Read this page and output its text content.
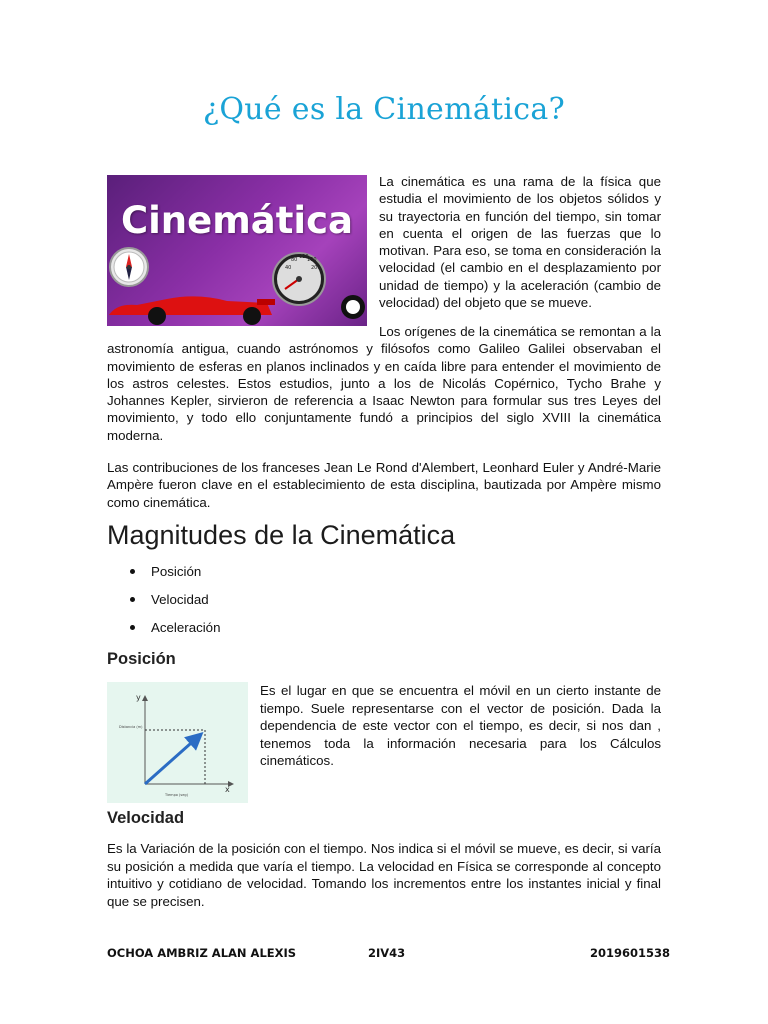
¿Qué es la Cinemática?
Cinemática
40
80 120
160
200
La cinemática es una rama de la física que estudia el movimiento de los objetos sólidos y su trayectoria en función del tiempo, sin tomar en cuenta el origen de las fuerzas que lo motivan. Para eso, se toma en consideración la velocidad (el cambio en el desplazamiento por unidad de tiempo) y la aceleración (cambio de velocidad) del objeto que se mueve.
Los orígenes de la cinemática se remontan a la astronomía antigua, cuando astrónomos y filósofos como Galileo Galilei observaban el movimiento de esferas en planos inclinados y en caída libre para entender el movimiento de los astros celestes. Estos estudios, junto a los de Nicolás Copérnico, Tycho Brahe y Johannes Kepler, sirvieron de referencia a Isaac Newton para formular sus tres Leyes del movimiento, y todo ello conjuntamente fundó a principios del siglo XVIII la cinemática moderna.
Las contribuciones de los franceses Jean Le Rond d'Alembert, Leonhard Euler y André-Marie Ampère fueron clave en el establecimiento de esta disciplina, bautizada por Ampère mismo como cinemática.
Magnitudes de la Cinemática
Posición
Velocidad
Aceleración
Posición
y
x
Distancia (m)
Tiempo (seg)
Es el lugar en que se encuentra el móvil en un cierto instante de tiempo. Suele representarse con el vector de posición. Dada la dependencia de este vector con el tiempo, es decir, si nos dan , tenemos toda la información necesaria para los Cálculos cinemáticos.
Velocidad
Es la Variación de la posición con el tiempo. Nos indica si el móvil se mueve, es decir, si varía su posición a medida que varía el tiempo. La velocidad en Física se corresponde al concepto intuitivo y cotidiano de velocidad. Tomando los incrementos entre los instantes inicial y final que se precisen.
OCHOA AMBRIZ ALAN ALEXIS	2IV43	2019601538
